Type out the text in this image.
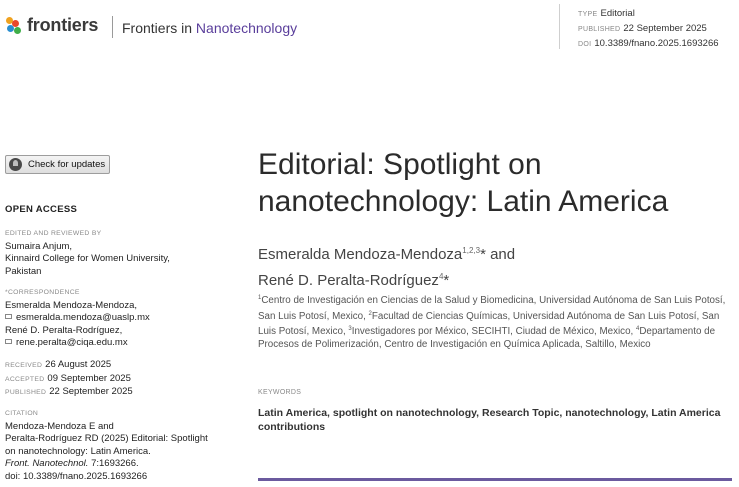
frontiers Frontiers in Nanotechnology
TYPE Editorial
PUBLISHED 22 September 2025
DOI 10.3389/fnano.2025.1693266
Check for updates
OPEN ACCESS
EDITED AND REVIEWED BY
Sumaira Anjum,
Kinnaird College for Women University,
Pakistan
*CORRESPONDENCE
Esmeralda Mendoza-Mendoza,
esmeralda.mendoza@uaslp.mx
René D. Peralta-Rodríguez,
rene.peralta@ciqa.edu.mx
RECEIVED 26 August 2025
ACCEPTED 09 September 2025
PUBLISHED 22 September 2025
CITATION
Mendoza-Mendoza E and
Peralta-Rodríguez RD (2025) Editorial: Spotlight
on nanotechnology: Latin America.
Front. Nanotechnol. 7:1693266.
doi: 10.3389/fnano.2025.1693266
Editorial: Spotlight on nanotechnology: Latin America
Esmeralda Mendoza-Mendoza$^{1,2,3}$* and
René D. Peralta-Rodríguez$^4$*
$^1$Centro de Investigación en Ciencias de la Salud y Biomedicina, Universidad Autónoma de San Luis Potosí, San Luis Potosí, Mexico, $^2$Facultad de Ciencias Químicas, Universidad Autónoma de San Luis Potosí, San Luis Potosí, Mexico, $^3$Investigadores por México, SECIHTI, Ciudad de México, Mexico, $^4$Departamento de Procesos de Polimerización, Centro de Investigación en Química Aplicada, Saltillo, Mexico
KEYWORDS
Latin America, spotlight on nanotechnology, Research Topic, nanotechnology, Latin America contributions
